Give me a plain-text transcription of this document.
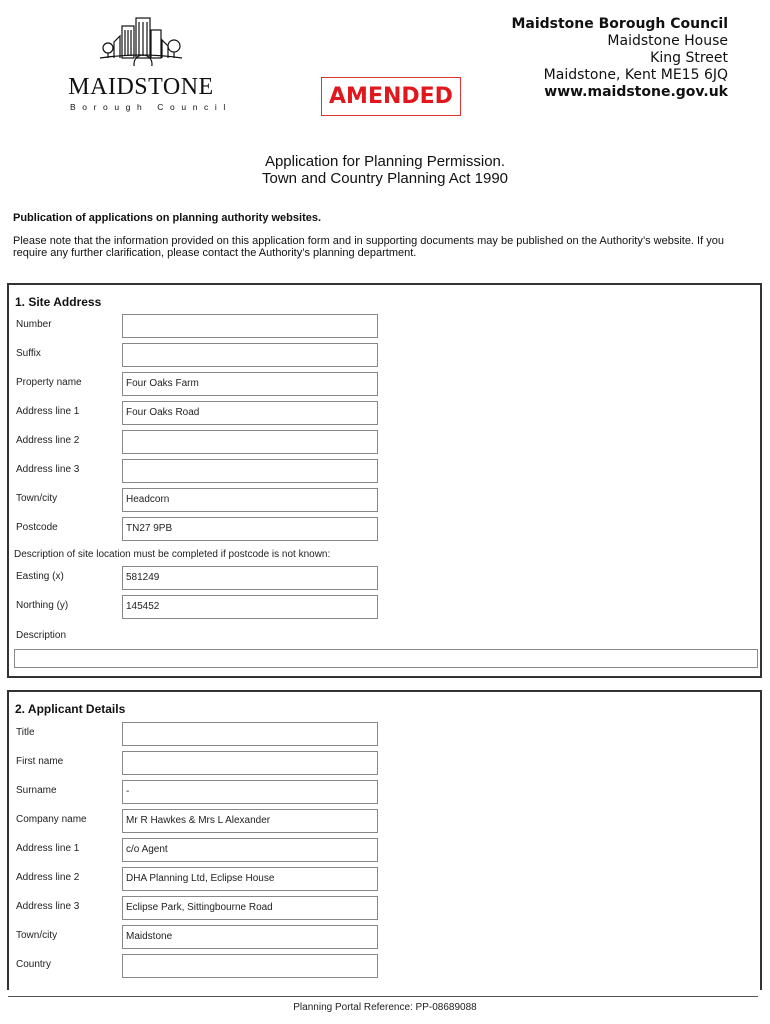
MAIDSTONE
Borough Council
Maidstone Borough Council
Maidstone House
King Street
Maidstone, Kent ME15 6JQ
www.maidstone.gov.uk
AMENDED
Application for Planning Permission.
Town and Country Planning Act 1990
Publication of applications on planning authority websites.
Please note that the information provided on this application form and in supporting documents may be published on the Authority’s website. If you require any further clarification, please contact the Authority’s planning department.
1. Site Address
Number
Suffix
Property name	Four Oaks Farm
Address line 1	Four Oaks Road
Address line 2
Address line 3
Town/city	Headcorn
Postcode	TN27 9PB
Description of site location must be completed if postcode is not known:
Easting (x)	581249
Northing (y)	145452
Description
2. Applicant Details
Title
First name
Surname	-
Company name	Mr R Hawkes & Mrs L Alexander
Address line 1	c/o Agent
Address line 2	DHA Planning Ltd, Eclipse House
Address line 3	Eclipse Park, Sittingbourne Road
Town/city	Maidstone
Country
Planning Portal Reference: PP-08689088
